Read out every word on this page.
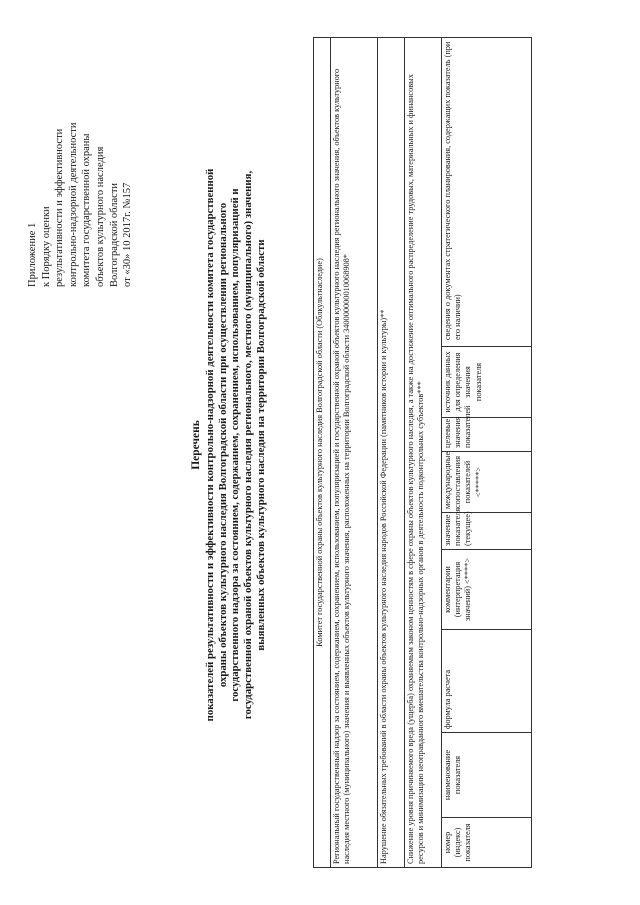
Приложение 1 к Порядку оценки результативности и эффективности контрольно-надзорной деятельности комитета государственной охраны объектов культурного наследия Волгоградской области от «30» 10 2017г. №157
Перечень показателей результативности и эффективности контрольно-надзорной деятельности комитета государственной охраны объектов культурного наследия Волгоградской области при осуществлении регионального государственного надзора за состоянием, содержанием, сохранением, использованием, популяризацией и государственной охраной объектов культурного наследия регионального, местного (муниципального) значения, выявленных объектов культурного наследия на территории Волгоградской области	Комитет государственной охраны объектов культурного наследия Волгоградской области (Облкультнаследие)
Региональный государственный надзор за состоянием, содержанием, сохранением, использованием, популяризацией и государственной охраной объектов культурного наследия регионального значения, объектов культурного наследия местного (муниципального) значения и выявленных объектов культурного значения, расположенных на территории Волгоградской области 340000000010068908*
Нарушение обязательных требований в области охраны объектов культурного наследия народов Российской Федерации (памятников истории и культуры)**
Снижение уровня причиняемого вреда (ущерба) охраняемым законом ценностям в сфере охраны объектов культурного наследия, а также на достижение оптимального распределение трудовых, материальных и финансовых ресурсов и минимизацию неоправданного вмешательства контрольно-надзорных органов в деятельность подконтрольных субъектов***
номер (индекс) показателя	наименование показателя	формула расчета	комментарии (интерпретация значений) <****>	значение показателя (текущее)	международные сопоставления показателей <*****>	целевые значения показателей	источник данных для определения значения показателя	сведения о документах стратегического планирования, содержащих показатель (при его наличии)
